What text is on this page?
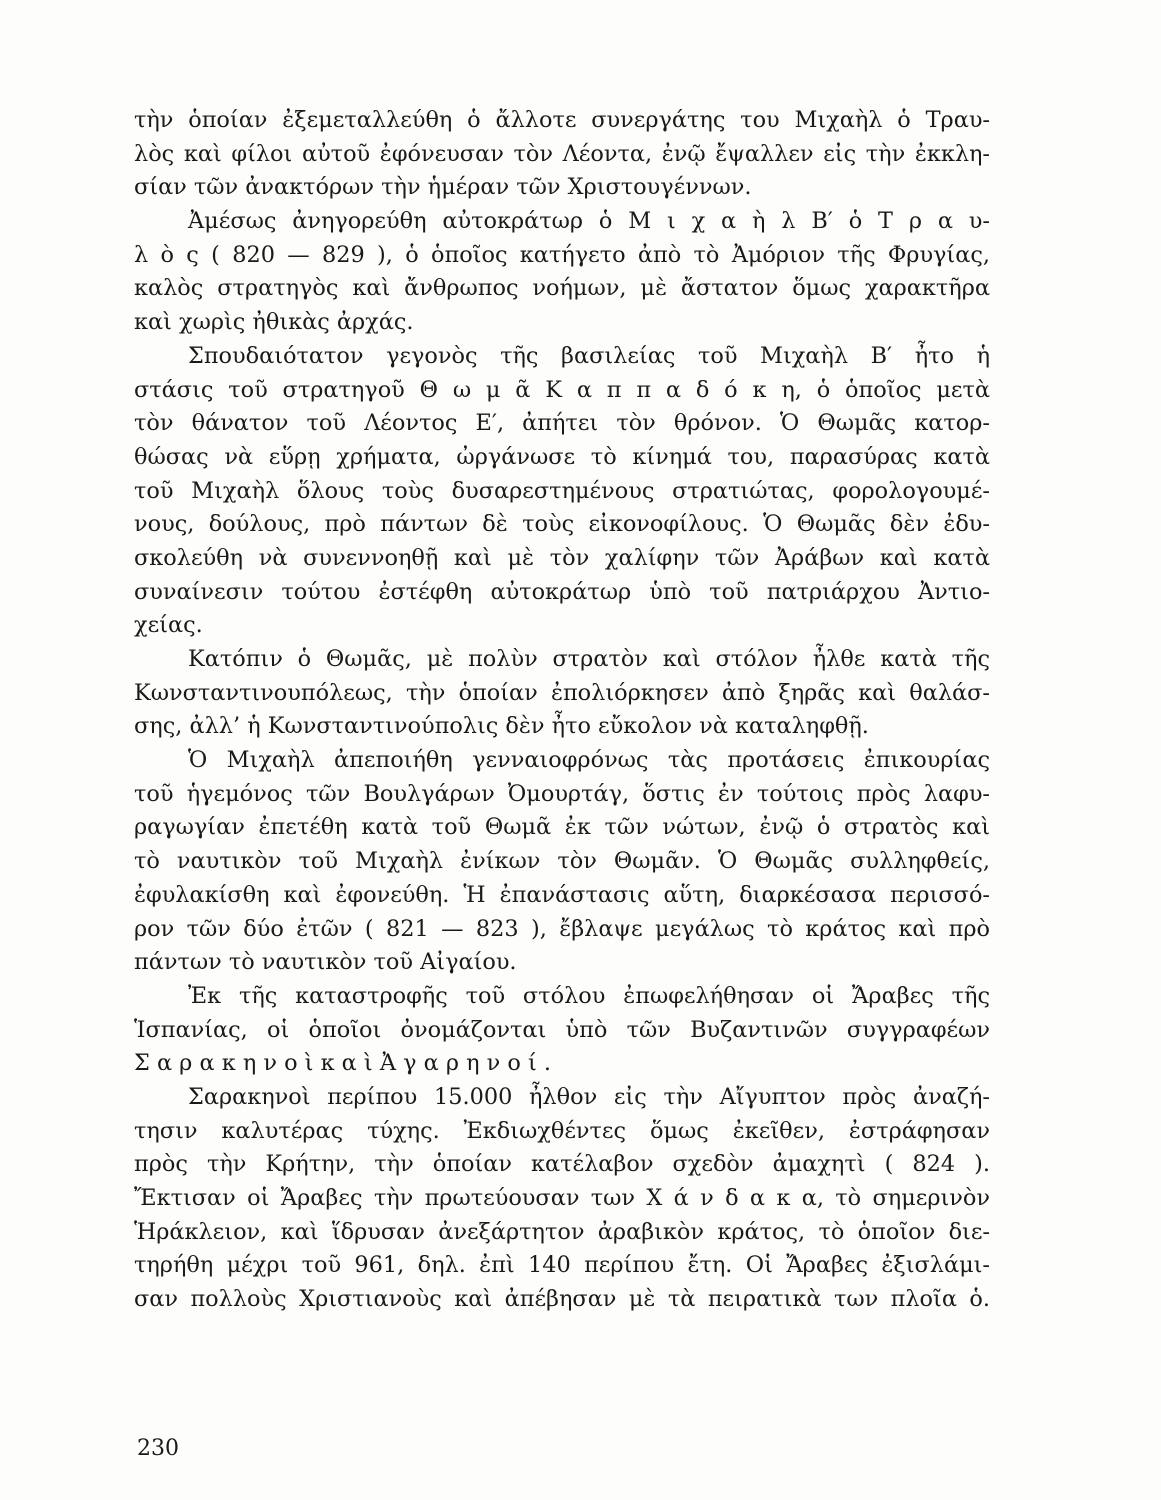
τὴν ὁποίαν ἐξεμεταλλεύθη ὁ ἄλλοτε συνεργάτης του Μιχαὴλ ὁ Τραυ-
λὸς καὶ φίλοι αὐτοῦ ἐφόνευσαν τὸν Λέοντα, ἐνῷ ἔψαλλεν εἰς τὴν ἐκκλη-
σίαν τῶν ἀνακτόρων τὴν ἡμέραν τῶν Χριστουγέννων.
Ἀμέσως ἀνηγορεύθη αὐτοκράτωρ ὁ Μ ι χ α ὴ λ Β′ ὁ Τ ρ α υ-
λ ὸ ς ( 820 — 829 ), ὁ ὁποῖος κατήγετο ἀπὸ τὸ Ἀμόριον τῆς Φρυγίας,
καλὸς στρατηγὸς καὶ ἄνθρωπος νοήμων, μὲ ἄστατον ὅμως χαρακτῆρα
καὶ χωρὶς ἠθικὰς ἀρχάς.
Σπουδαιότατον γεγονὸς τῆς βασιλείας τοῦ Μιχαὴλ Β′ ἦτο ἡ
στάσις τοῦ στρατηγοῦ Θ ω μ ᾶ Κ α π π α δ ό κ η, ὁ ὁποῖος μετὰ
τὸν θάνατον τοῦ Λέοντος Ε′, ἀπήτει τὸν θρόνον. Ὁ Θωμᾶς κατορ-
θώσας νὰ εὕρῃ χρήματα, ὠργάνωσε τὸ κίνημά του, παρασύρας κατὰ
τοῦ Μιχαὴλ ὅλους τοὺς δυσαρεστημένους στρατιώτας, φορολογουμέ-
νους, δούλους, πρὸ πάντων δὲ τοὺς εἰκονοφίλους. Ὁ Θωμᾶς δὲν ἐδυ-
σκολεύθη νὰ συνεννοηθῇ καὶ μὲ τὸν χαλίφην τῶν Ἀράβων καὶ κατὰ
συναίνεσιν τούτου ἐστέφθη αὐτοκράτωρ ὑπὸ τοῦ πατριάρχου Ἀντιο-
χείας.
Κατόπιν ὁ Θωμᾶς, μὲ πολὺν στρατὸν καὶ στόλον ἦλθε κατὰ τῆς
Κωνσταντινουπόλεως, τὴν ὁποίαν ἐπολιόρκησεν ἀπὸ ξηρᾶς καὶ θαλάσ-
σης, ἀλλ’ ἡ Κωνσταντινούπολις δὲν ἦτο εὔκολον νὰ καταληφθῇ.
Ὁ Μιχαὴλ ἀπεποιήθη γενναιοφρόνως τὰς προτάσεις ἐπικουρίας
τοῦ ἡγεμόνος τῶν Βουλγάρων Ὀμουρτάγ, ὅστις ἐν τούτοις πρὸς λαφυ-
ραγωγίαν ἐπετέθη κατὰ τοῦ Θωμᾶ ἐκ τῶν νώτων, ἐνῷ ὁ στρατὸς καὶ
τὸ ναυτικὸν τοῦ Μιχαὴλ ἐνίκων τὸν Θωμᾶν. Ὁ Θωμᾶς συλληφθείς,
ἐφυλακίσθη καὶ ἐφονεύθη. Ἡ ἐπανάστασις αὕτη, διαρκέσασα περισσό-
ρον τῶν δύο ἐτῶν ( 821 — 823 ), ἔβλαψε μεγάλως τὸ κράτος καὶ πρὸ
πάντων τὸ ναυτικὸν τοῦ Αἰγαίου.
Ἐκ τῆς καταστροφῆς τοῦ στόλου ἐπωφελήθησαν οἱ Ἄραβες τῆς
Ἱσπανίας, οἱ ὁποῖοι ὀνομάζονται ὑπὸ τῶν Βυζαντινῶν συγγραφέων
Σ α ρ α κ η ν ο ὶ κ α ὶ Ἀ γ α ρ η ν ο ί .
Σαρακηνοὶ περίπου 15.000 ἦλθον εἰς τὴν Αἴγυπτον πρὸς ἀναζή-
τησιν καλυτέρας τύχης. Ἐκδιωχθέντες ὅμως ἐκεῖθεν, ἐστράφησαν
πρὸς τὴν Κρήτην, τὴν ὁποίαν κατέλαβον σχεδὸν ἀμαχητὶ ( 824 ).
Ἔκτισαν οἱ Ἄραβες τὴν πρωτεύουσαν των Χ ά ν δ α κ α, τὸ σημερινὸν
Ἡράκλειον, καὶ ἵδρυσαν ἀνεξάρτητον ἀραβικὸν κράτος, τὸ ὁποῖον διε-
τηρήθη μέχρι τοῦ 961, δηλ. ἐπὶ 140 περίπου ἔτη. Οἱ Ἄραβες ἐξισλάμι-
σαν πολλοὺς Χριστιανοὺς καὶ ἀπέβησαν μὲ τὰ πειρατικὰ των πλοῖα ὁ.
230
